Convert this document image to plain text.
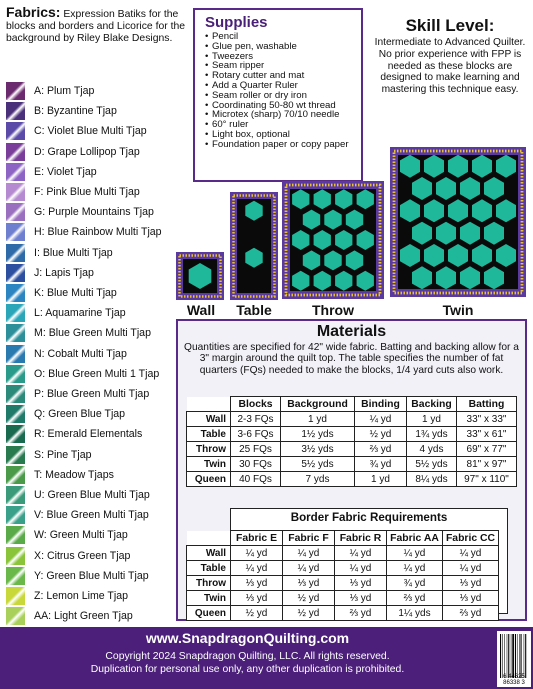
Fabrics: Expression Batiks for the blocks and borders and Licorice for the background by Riley Blake Designs.

A: Plum Tjap
B: Byzantine Tjap
C: Violet Blue Multi Tjap
D: Grape Lollipop Tjap
E: Violet Tjap
F: Pink Blue Multi Tjap
G: Purple Mountains Tjap
H: Blue Rainbow Multi Tjap
I: Blue Multi Tjap
J: Lapis Tjap
K: Blue Multi Tjap
L: Aquamarine Tjap
M: Blue Green Multi Tjap
N: Cobalt Multi Tjap
O: Blue Green Multi 1 Tjap
P: Blue Green Multi Tjap
Q: Green Blue Tjap
R: Emerald Elementals
S: Pine Tjap
T: Meadow Tjaps
U: Green Blue Multi Tjap
V: Blue Green Multi Tjap
W: Green Multi Tjap
X: Citrus Green Tjap
Y: Green Blue Multi Tjap
Z: Lemon Lime Tjap
AA: Light Green Tjap
Supplies
• Pencil
• Glue pen, washable
• Tweezers
• Seam ripper
• Rotary cutter and mat
• Add a Quarter Ruler
• Seam roller or dry iron
• Coordinating 50-80 wt thread
• Microtex (sharp) 70/10 needle
• 60° ruler
• Light box, optional
• Foundation paper or copy paper
Skill Level:

Intermediate to Advanced Quilter. No prior experience with FPP is needed as these blocks are designed to make learning and mastering this technique easy.

Wall	Table	Throw	Twin
Materials

Quantities are specified for 42" wide fabric. Batting and backing allow for a 3" margin around the quilt top. The table specifies the number of fat quarters (FQs) needed to make the blocks, 1/4 yard cuts also work.

	Blocks	Background	Binding	Backing	Batting
Wall	2-3 FQs	1 yd	¼ yd	1 yd	33" x 33"
Table	3-6 FQs	1½ yds	½ yd	1¾ yds	33" x 61"
Throw	25 FQs	3½ yds	⅔ yd	4 yds	69" x 77"
Twin	30 FQs	5½ yds	¾ yd	5½ yds	81" x 97"
Queen	40 FQs	7 yds	1 yd	8¼ yds	97" x 110"
Border Fabric Requirements
	Fabric E	Fabric F	Fabric R	Fabric AA	Fabric CC
Wall	¼ yd	¼ yd	¼ yd	¼ yd	¼ yd
Table	¼ yd	¼ yd	¼ yd	¼ yd	¼ yd
Throw	⅓ yd	⅓ yd	⅓ yd	¾ yd	⅓ yd
Twin	⅓ yd	½ yd	⅓ yd	⅔ yd	⅓ yd
Queen	½ yd	½ yd	⅔ yd	1¼ yds	⅔ yd
www.SnapdragonQuilting.com
Copyright 2024 Snapdragon Quilting, LLC. All rights reserved.
Duplication for personal use only, any other duplication is prohibited.
6 44625 86338 3
